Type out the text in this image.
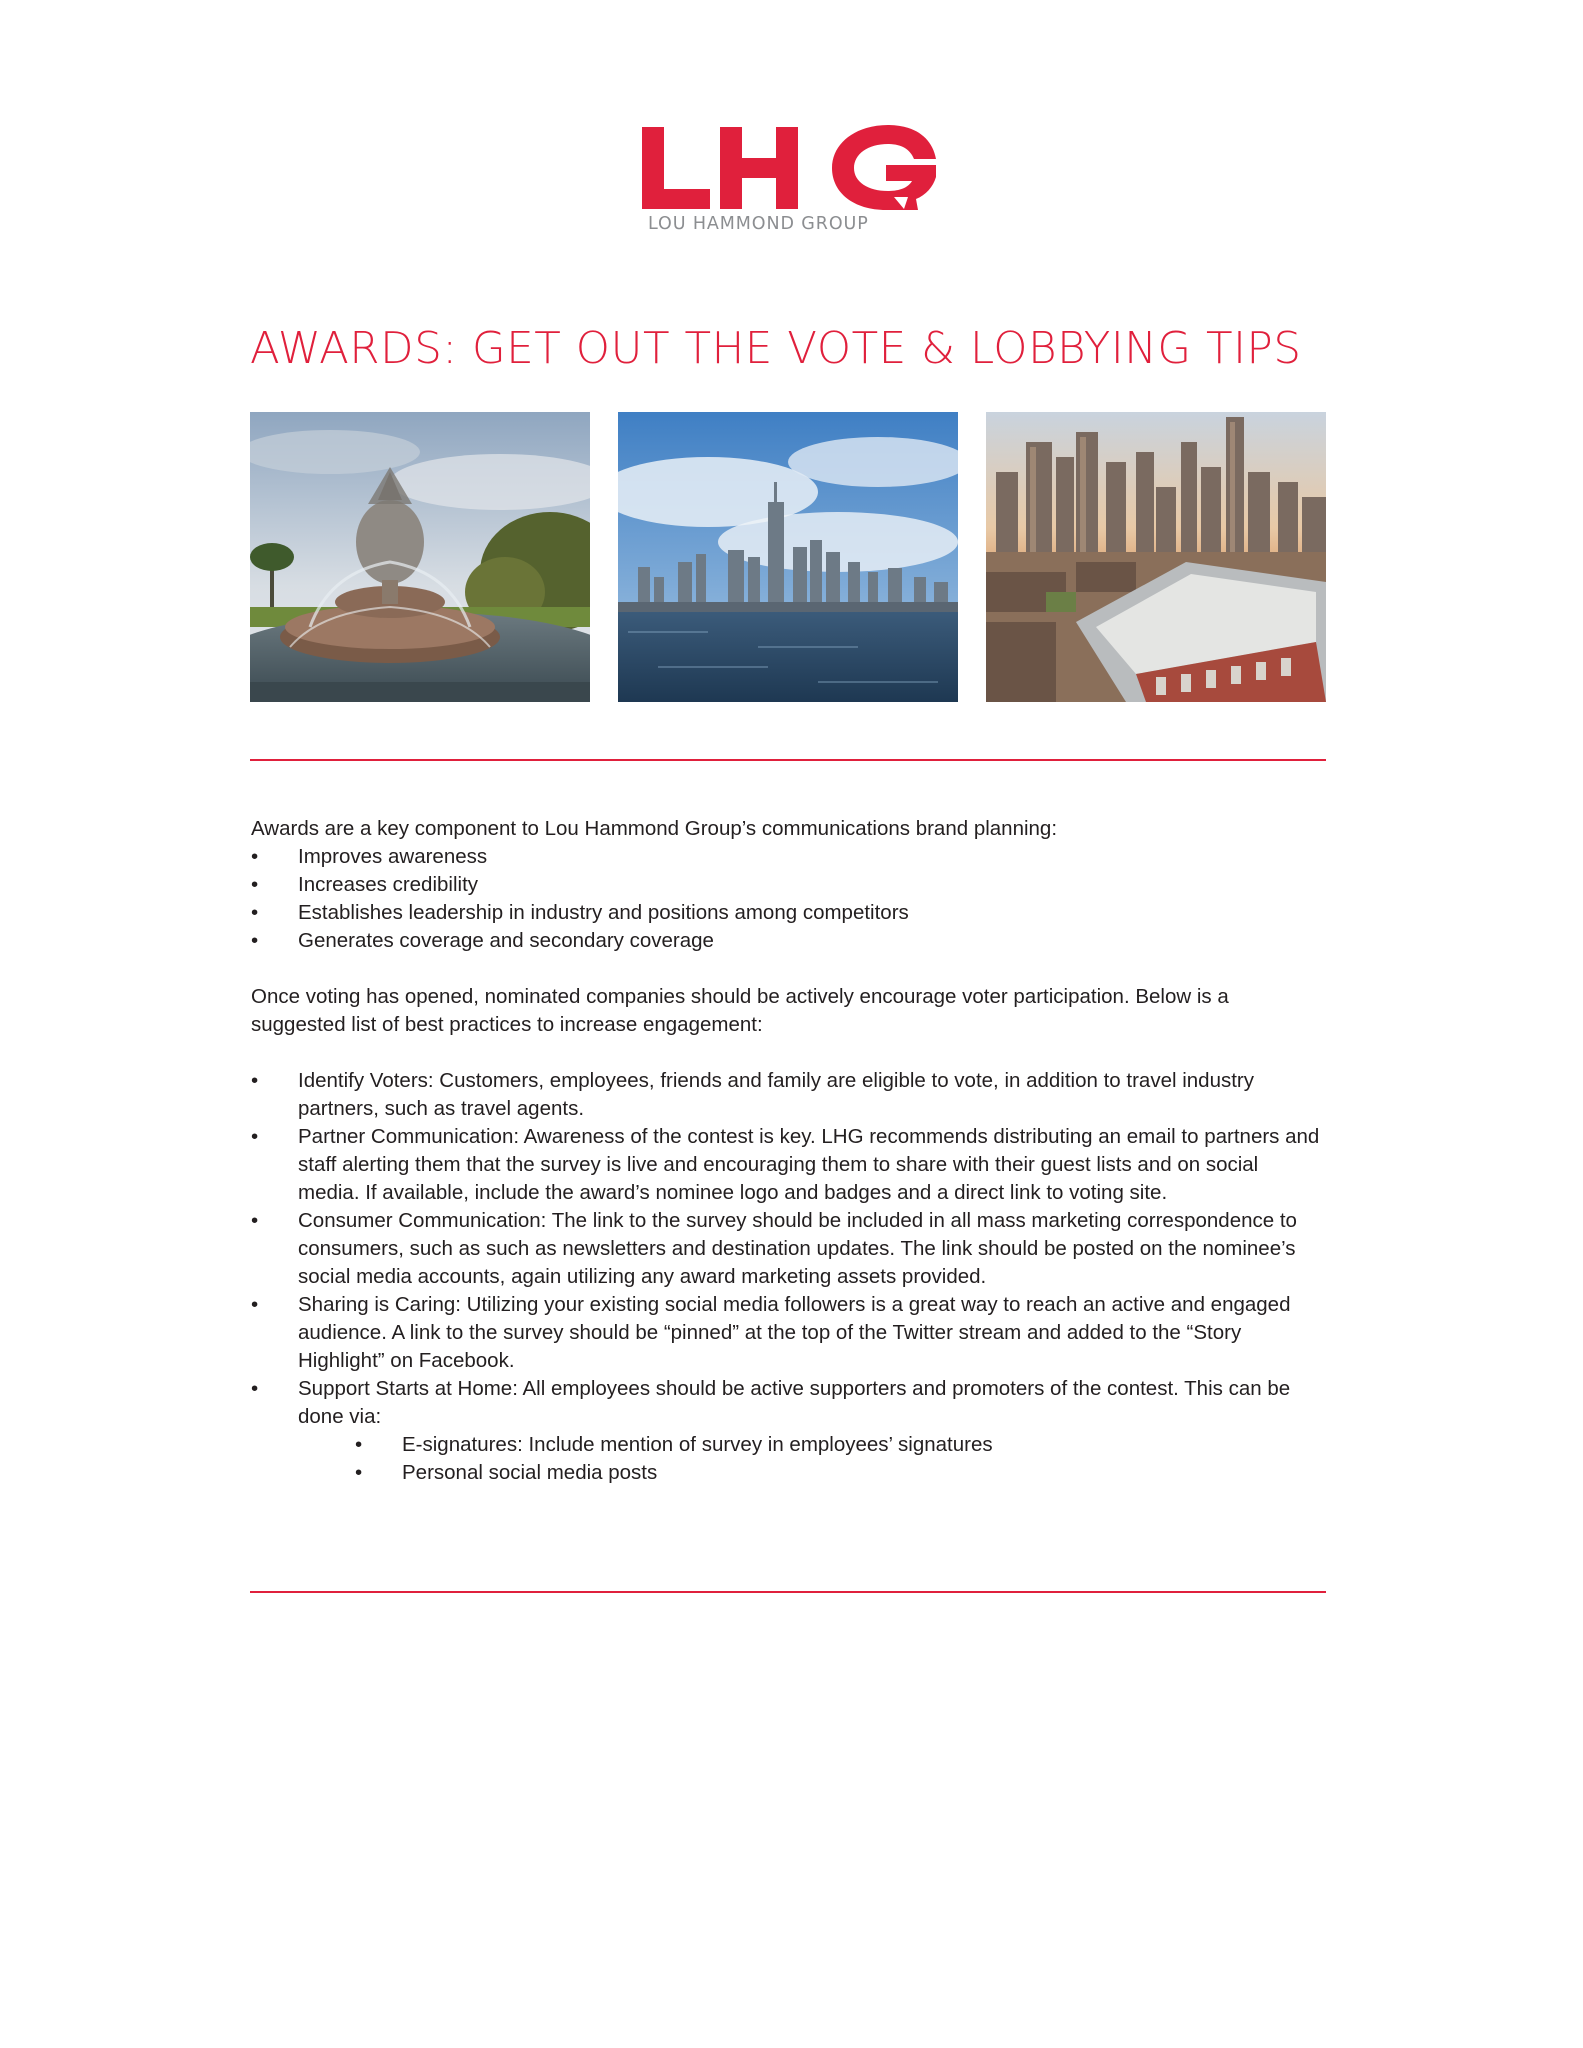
LOU HAMMOND GROUP
AWARDS: GET OUT THE VOTE & LOBBYING TIPS

Awards are a key component to Lou Hammond Group’s communications brand planning:

•	Improves awareness
•	Increases credibility
•	Establishes leadership in industry and positions among competitors
•	Generates coverage and secondary coverage

Once voting has opened, nominated companies should be actively encourage voter participation. Below is a suggested list of best practices to increase engagement:

•	Identify Voters: Customers, employees, friends and family are eligible to vote, in addition to travel industry partners, such as travel agents.
•	Partner Communication: Awareness of the contest is key. LHG recommends distributing an email to partners and staff alerting them that the survey is live and encouraging them to share with their guest lists and on social media. If available, include the award’s nominee logo and badges and a direct link to voting site.
•	Consumer Communication: The link to the survey should be included in all mass marketing correspondence to consumers, such as such as newsletters and destination updates. The link should be posted on the nominee’s social media accounts, again utilizing any award marketing assets provided.
•	Sharing is Caring: Utilizing your existing social media followers is a great way to reach an active and engaged audience. A link to the survey should be “pinned” at the top of the Twitter stream and added to the “Story Highlight” on Facebook.
•	Support Starts at Home: All employees should be active supporters and promoters of the contest. This can be done via:
•	E-signatures: Include mention of survey in employees’ signatures
•	Personal social media posts
